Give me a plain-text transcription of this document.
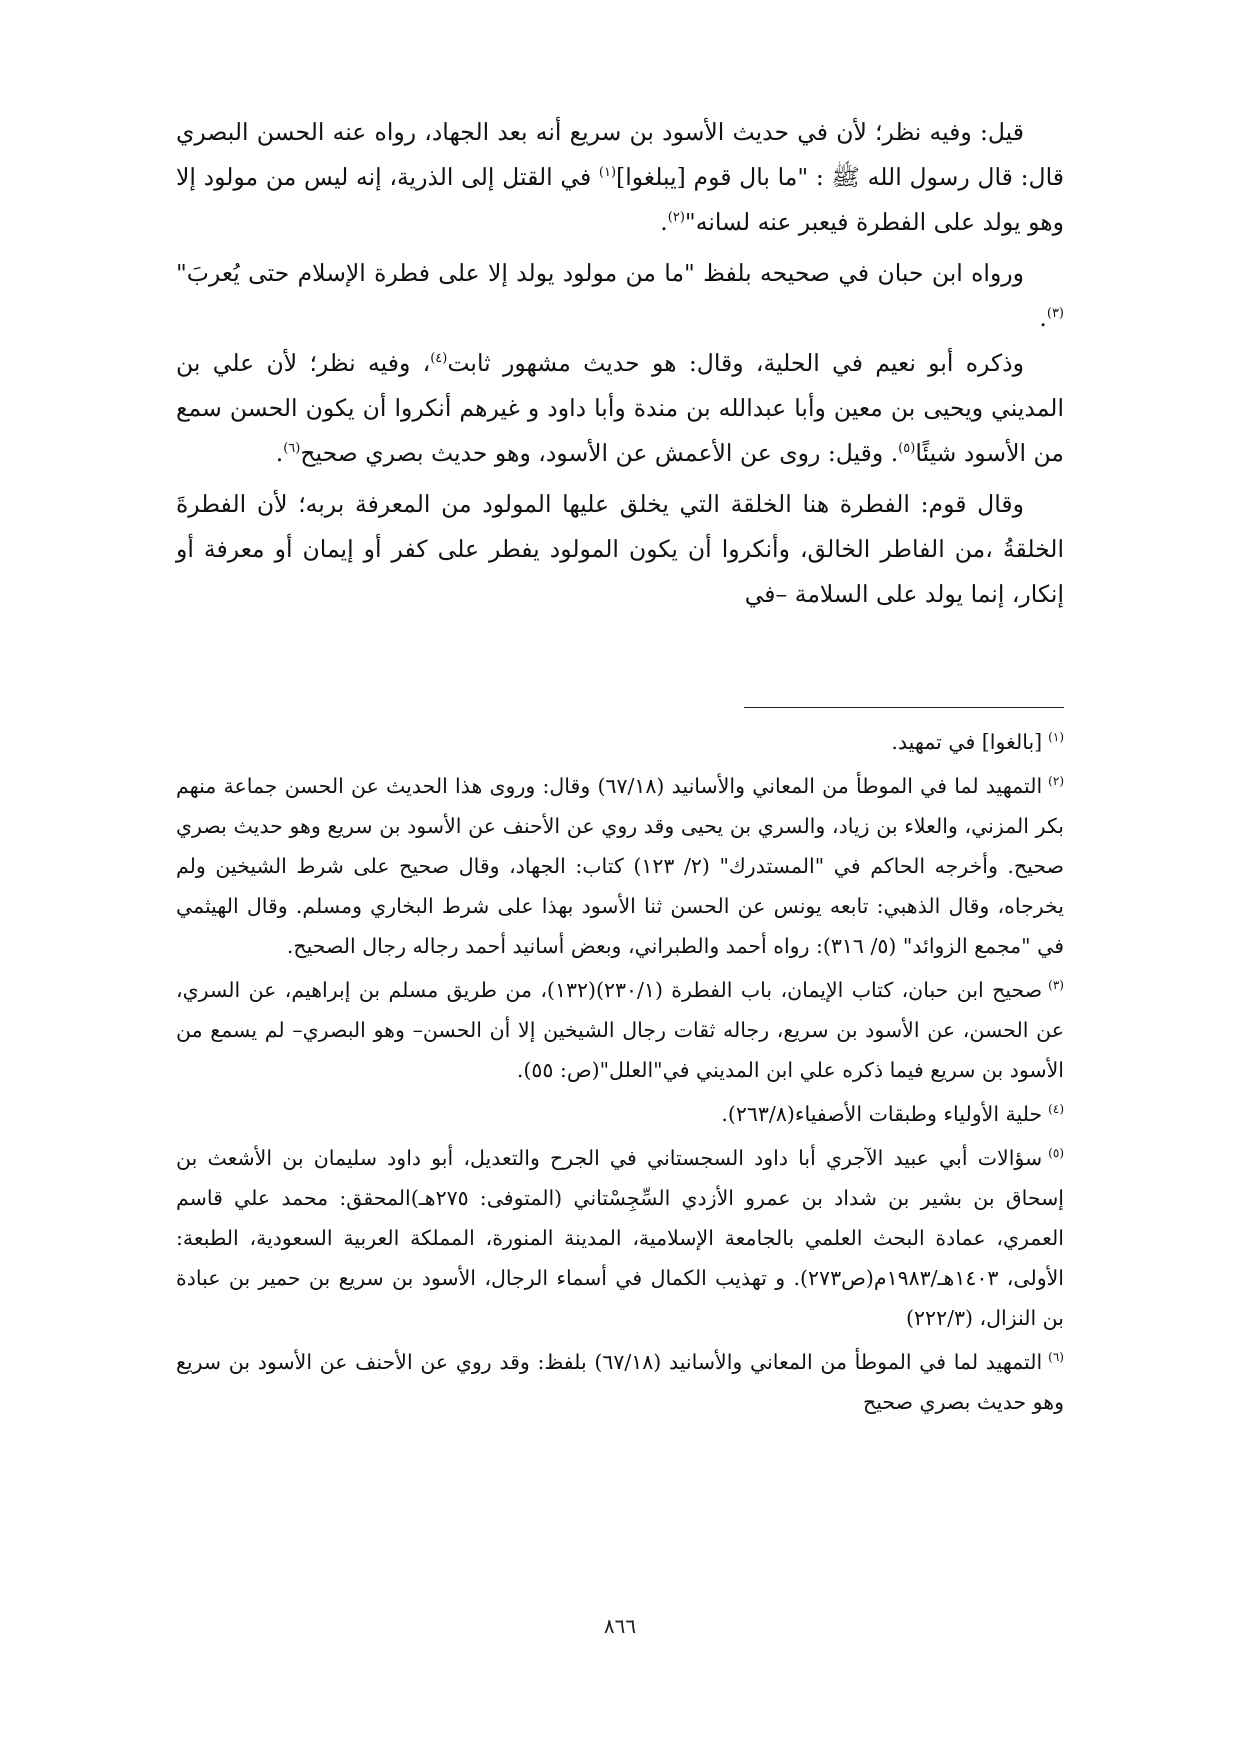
قيل: وفيه نظر؛ لأن في حديث الأسود بن سريع أنه بعد الجهاد، رواه عنه الحسن البصري قال: قال رسول الله ﷺ : "ما بال قوم [يبلغوا]$^{(١)}$ في القتل إلى الذرية، إنه ليس من مولود إلا وهو يولد على الفطرة فيعبر عنه لسانه"$^{(٢)}$.

ورواه ابن حبان في صحيحه بلفظ "ما من مولود يولد إلا على فطرة الإسلام حتى يُعربَ"$^{(٣)}$.

وذكره أبو نعيم في الحلية، وقال: هو حديث مشهور ثابت$^{(٤)}$، وفيه نظر؛ لأن علي بن المديني ويحيى بن معين وأبا عبدالله بن مندة وأبا داود و غيرهم أنكروا أن يكون الحسن سمع من الأسود شيئًا$^{(٥)}$. وقيل: روى عن الأعمش عن الأسود، وهو حديث بصري صحيح$^{(٦)}$.

وقال قوم: الفطرة هنا الخلقة التي يخلق عليها المولود من المعرفة بربه؛ لأن الفطرةَ الخلقةُ ،من الفاطر الخالق، وأنكروا أن يكون المولود يفطر على كفر أو إيمان أو معرفة أو إنكار، إنما يولد على السلامة –في

$^{(١)}$[بالغوا] في تمهيد.

$^{(٢)}$التمهيد لما في الموطأ من المعاني والأسانيد (٦٧/١٨) وقال: وروى هذا الحديث عن الحسن جماعة منهم بكر المزني، والعلاء بن زياد، والسري بن يحيى وقد روي عن الأحنف عن الأسود بن سريع وهو حديث بصري صحيح. وأخرجه الحاكم في "المستدرك" (٢/ ١٢٣) كتاب: الجهاد، وقال صحيح على شرط الشيخين ولم يخرجاه، وقال الذهبي: تابعه يونس عن الحسن ثنا الأسود بهذا على شرط البخاري ومسلم. وقال الهيثمي في "مجمع الزوائد" (٥/ ٣١٦): رواه أحمد والطبراني، وبعض أسانيد أحمد رجاله رجال الصحيح.

$^{(٣)}$صحيح ابن حبان، كتاب الإيمان، باب الفطرة (٢٣٠/١)(١٣٢)، من طريق مسلم بن إبراهيم، عن السري، عن الحسن، عن الأسود بن سريع، رجاله ثقات رجال الشيخين إلا أن الحسن– وهو البصري– لم يسمع من الأسود بن سريع فيما ذكره علي ابن المديني في"العلل"(ص: ٥٥).

$^{(٤)}$حلية الأولياء وطبقات الأصفياء(٢٦٣/٨).

$^{(٥)}$سؤالات أبي عبيد الآجري أبا داود السجستاني في الجرح والتعديل، أبو داود سليمان بن الأشعث بن إسحاق بن بشير بن شداد بن عمرو الأزدي السِّجِسْتاني (المتوفى: ٢٧٥هـ)المحقق: محمد علي قاسم العمري، عمادة البحث العلمي بالجامعة الإسلامية، المدينة المنورة، المملكة العربية السعودية، الطبعة: الأولى، ١٤٠٣هـ/١٩٨٣م(ص٢٧٣). و تهذيب الكمال في أسماء الرجال، الأسود بن سريع بن حمير بن عبادة بن النزال، (٢٢٢/٣)

$^{(٦)}$التمهيد لما في الموطأ من المعاني والأسانيد (٦٧/١٨) بلفظ: وقد روي عن الأحنف عن الأسود بن سريع وهو حديث بصري صحيح

٨٦٦
